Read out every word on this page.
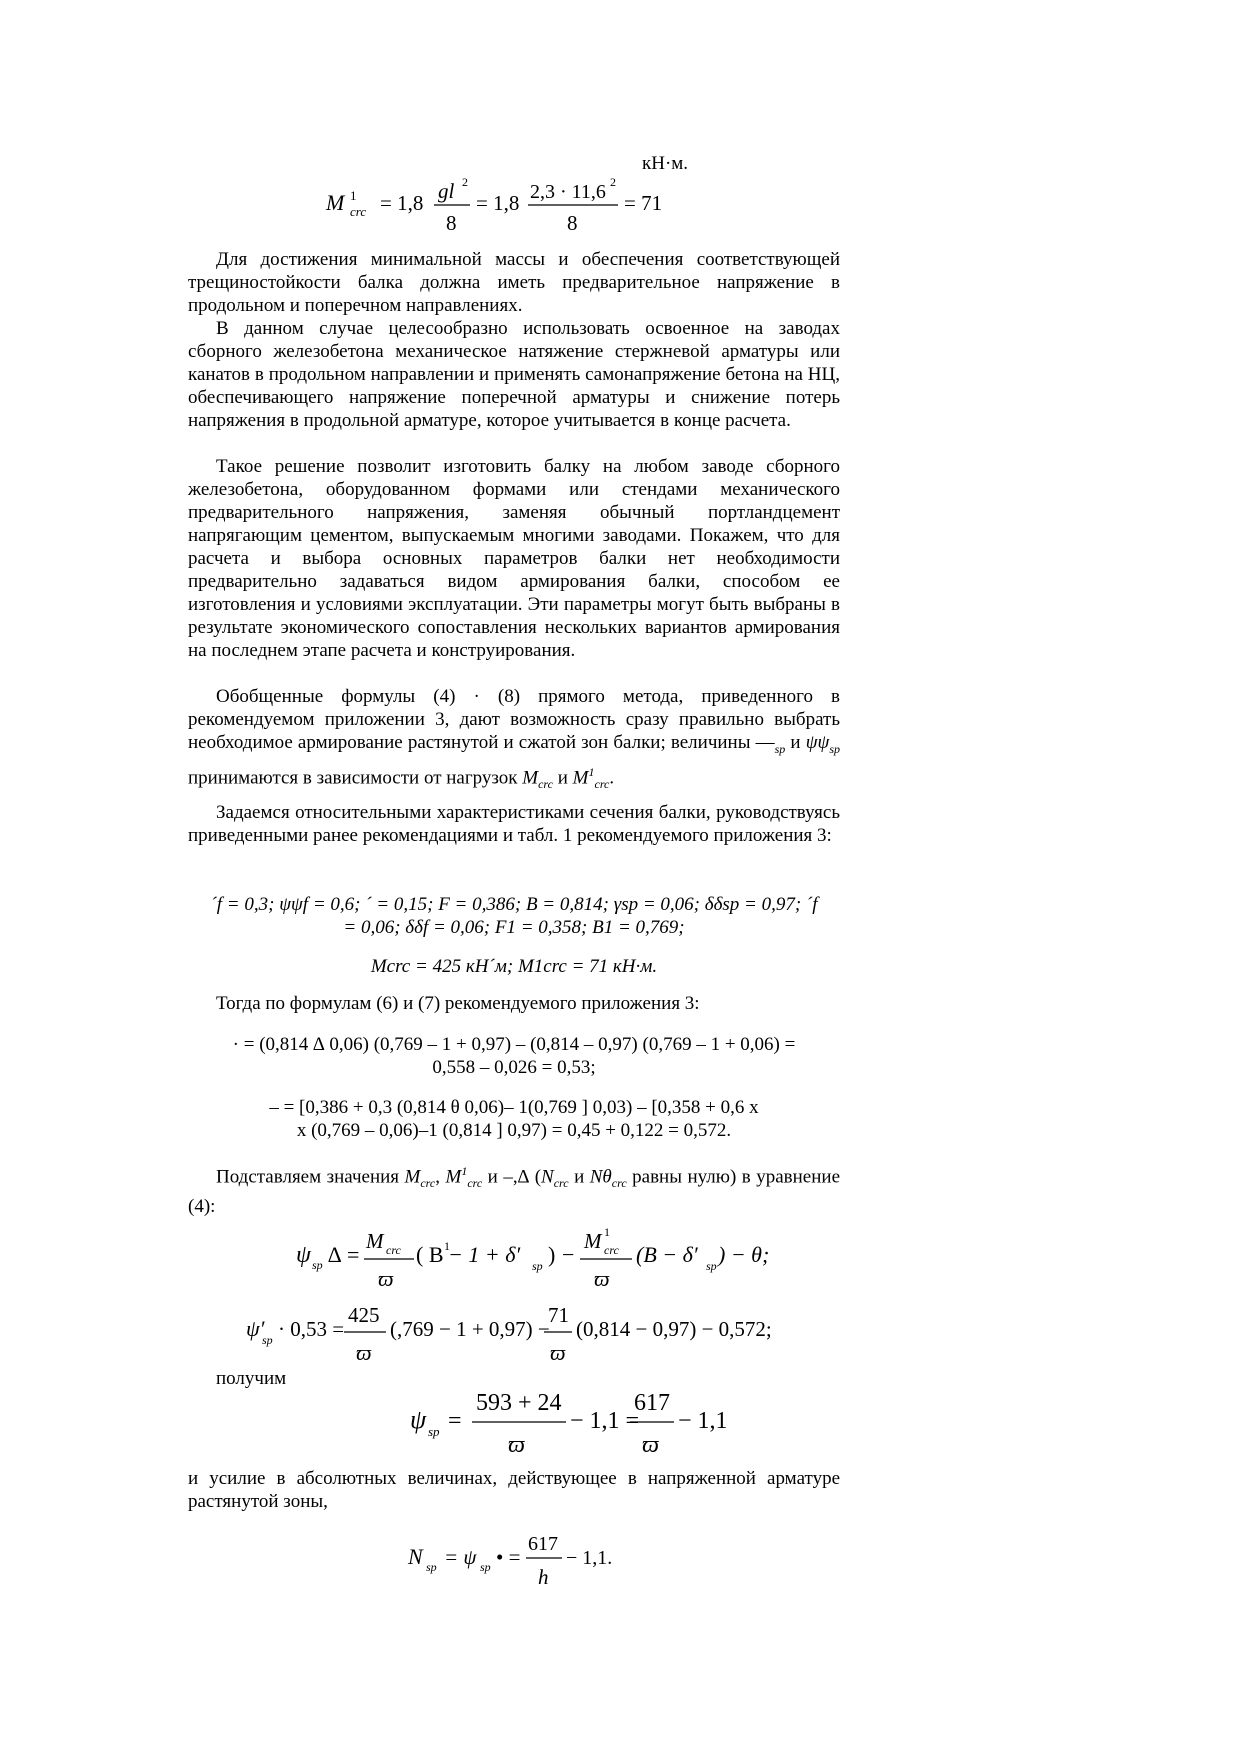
кН·м.
M 1
crc = 1,8 gl 2
8
= 1,8 2,3 · 11,6 2
8
= 71
Для достижения минимальной массы и обеспечения соответствующей трещиностойкости балка должна иметь предварительное напряжение в продольном и поперечном направлениях.
В данном случае целесообразно использовать освоенное на заводах сборного железобетона механическое натяжение стержневой арматуры или канатов в продольном направлении и применять самонапряжение бетона на НЦ, обеспечивающего напряжение поперечной арматуры и снижение потерь напряжения в продольной арматуре, которое учитывается в конце расчета.
Такое решение позволит изготовить балку на любом заводе сборного железобетона, оборудованном формами или стендами механического предварительного напряжения, заменяя обычный портландцемент напрягающим цементом, выпускаемым многими заводами. Покажем, что для расчета и выбора основных параметров балки нет необходимости предварительно задаваться видом армирования балки, способом ее изготовления и условиями эксплуатации. Эти параметры могут быть выбраны в результате экономического сопоставления нескольких вариантов армирования на последнем этапе расчета и конструирования.
Обобщенные формулы (4) · (8) прямого метода, приведенного в рекомендуемом приложении 3, дают возможность сразу правильно выбрать необходимое армирование растянутой и сжатой зон балки; величины $—_{sp}$ и $\psi\psi_{sp}$ принимаются в зависимости от нагрузок $M_{crc}$ и $M^1_{crc}$.
Задаемся относительными характеристиками сечения балки, руководствуясь приведенными ранее рекомендациями и табл. 1 рекомендуемого приложения 3:
´f = 0,3; ψψf = 0,6; ´ = 0,15; F = 0,386; B = 0,814; γsp = 0,06; δδsp = 0,97; ´f
= 0,06; δδf = 0,06; F1 = 0,358; B1 = 0,769;
Mcrc = 425 кН´м; M1crc = 71 кН·м.
Тогда по формулам (6) и (7) рекомендуемого приложения 3:
· = (0,814 ∆ 0,06) (0,769 – 1 + 0,97) – (0,814 – 0,97) (0,769 – 1 + 0,06) =
0,558 – 0,026 = 0,53;
– = [0,386 + 0,3 (0,814 θ 0,06)– 1(0,769 ] 0,03) – [0,358 + 0,6 x
x (0,769 – 0,06)–1 (0,814 ] 0,97) = 0,45 + 0,122 = 0,572.
Подставляем значения $M_{crc}$, $M^1_{crc}$ и –,∆ ($N_{crc}$ и $N\theta_{crc}$ равны нулю) в уравнение (4):
ψ sp ∆ =
M crc
ϖ
( B 1
− 1 + δ′ sp ) −
M 1
crc
ϖ
(B − δ′ sp ) − θ;
ψ′
sp · 0,53 =
425
ϖ
(,769 − 1 + 0,97) −
71
ϖ
(0,814 − 0,97) − 0,572;
получим
ψ sp =
593 + 24
ϖ
− 1,1 =
617
ϖ
− 1,1
и усилие в абсолютных величинах, действующее в напряженной арматуре растянутой зоны,
N sp = ψ sp • =
617
h
− 1,1.
